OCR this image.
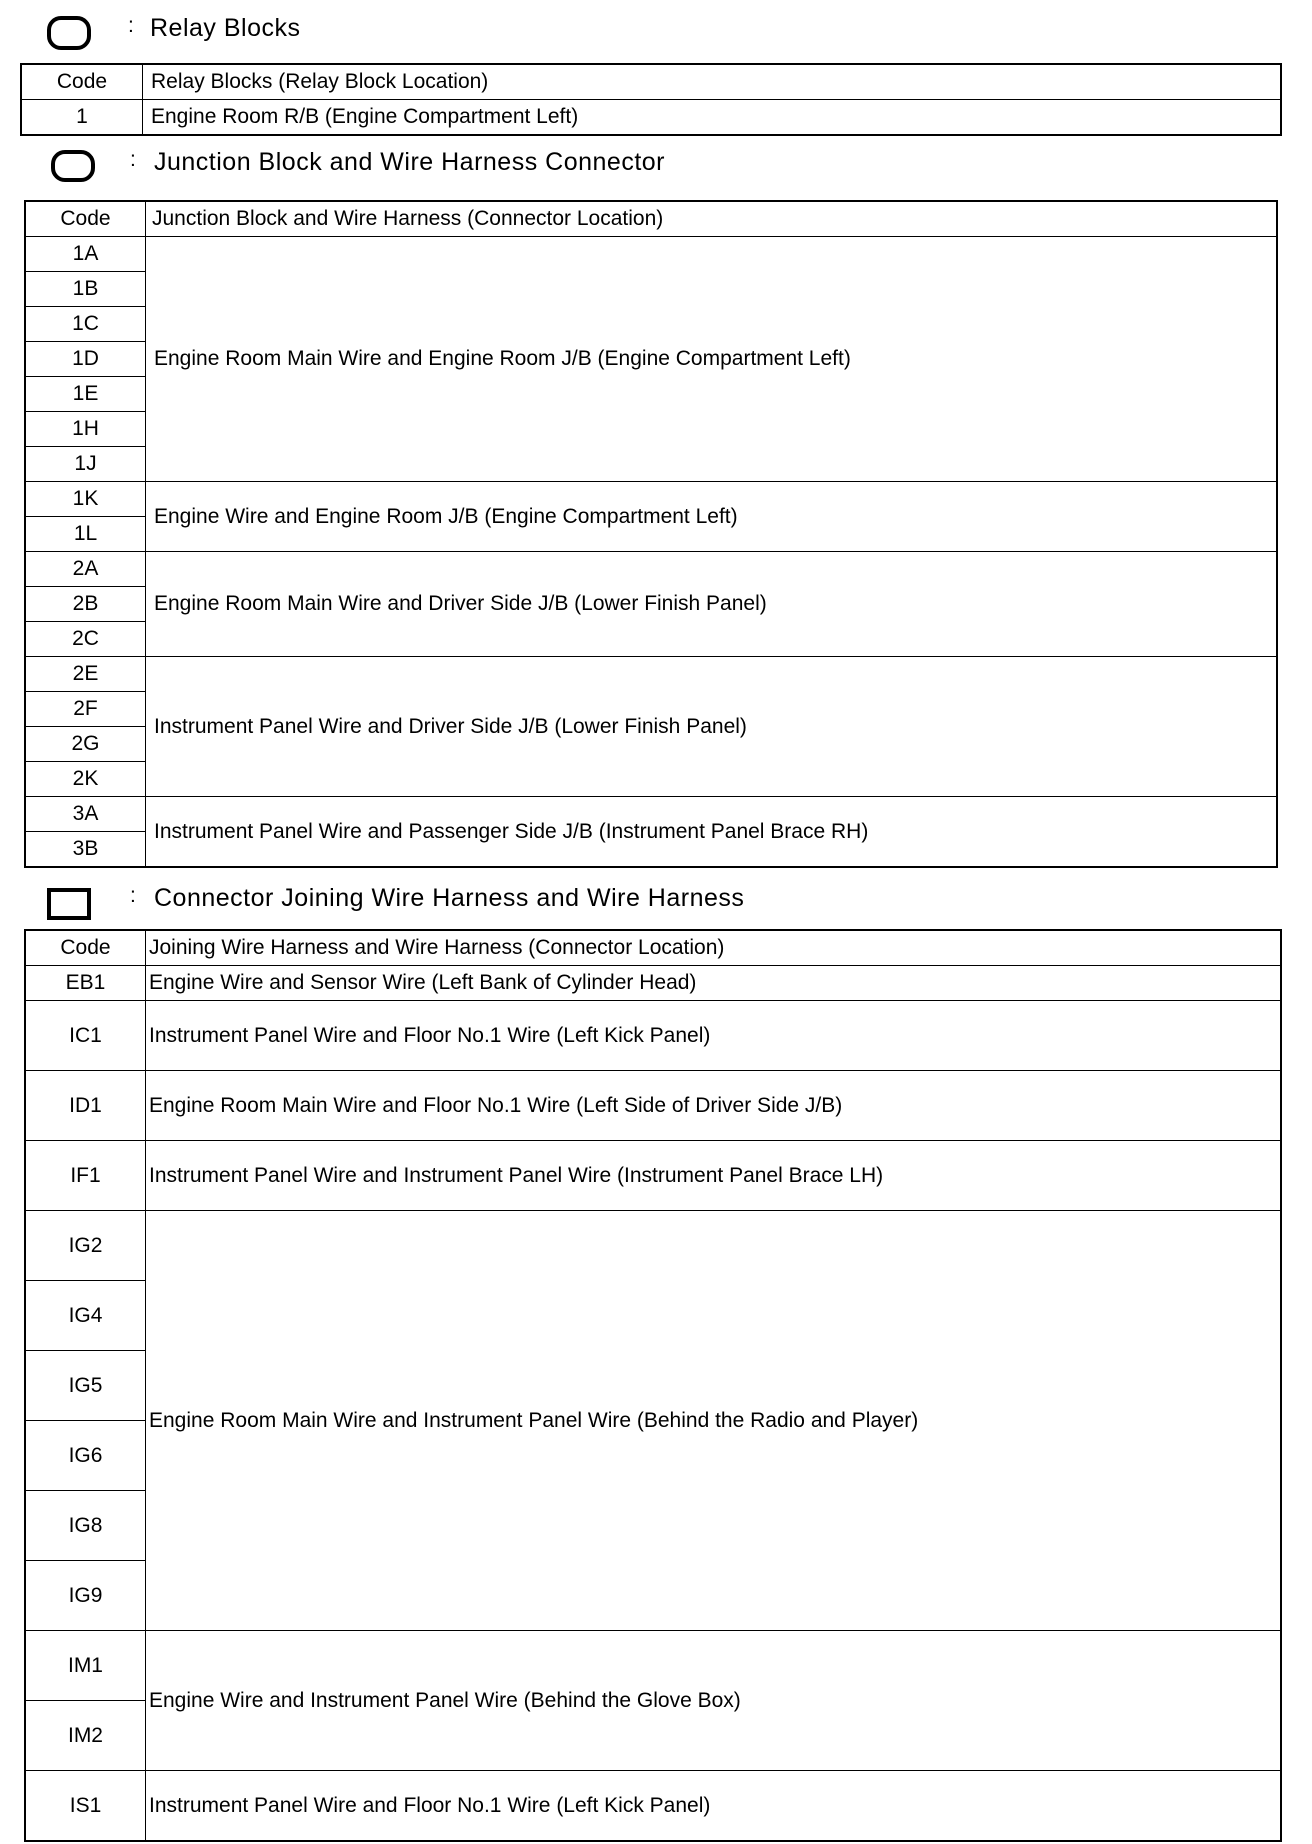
: Relay Blocks
Code	Relay Blocks (Relay Block Location)
1	Engine Room R/B (Engine Compartment Left)
: Junction Block and Wire Harness Connector
Code	Junction Block and Wire Harness (Connector Location)
1A	Engine Room Main Wire and Engine Room J/B (Engine Compartment Left)
1B	
1C	
1D	
1E	
1H	
1J	
1K	Engine Wire and Engine Room J/B (Engine Compartment Left)
1L	
2A	Engine Room Main Wire and Driver Side J/B (Lower Finish Panel)
2B	
2C	
2E	Instrument Panel Wire and Driver Side J/B (Lower Finish Panel)
2F	
2G	
2K	
3A	Instrument Panel Wire and Passenger Side J/B (Instrument Panel Brace RH)
3B	
: Connector Joining Wire Harness and Wire Harness
Code	Joining Wire Harness and Wire Harness (Connector Location)
EB1	Engine Wire and Sensor Wire (Left Bank of Cylinder Head)
IC1	Instrument Panel Wire and Floor No.1 Wire (Left Kick Panel)
ID1	Engine Room Main Wire and Floor No.1 Wire (Left Side of Driver Side J/B)
IF1	Instrument Panel Wire and Instrument Panel Wire (Instrument Panel Brace LH)
IG2	Engine Room Main Wire and Instrument Panel Wire (Behind the Radio and Player)
IG4	
IG5	
IG6	
IG8	
IG9	
IM1	Engine Wire and Instrument Panel Wire (Behind the Glove Box)
IM2	
IS1	Instrument Panel Wire and Floor No.1 Wire (Left Kick Panel)
